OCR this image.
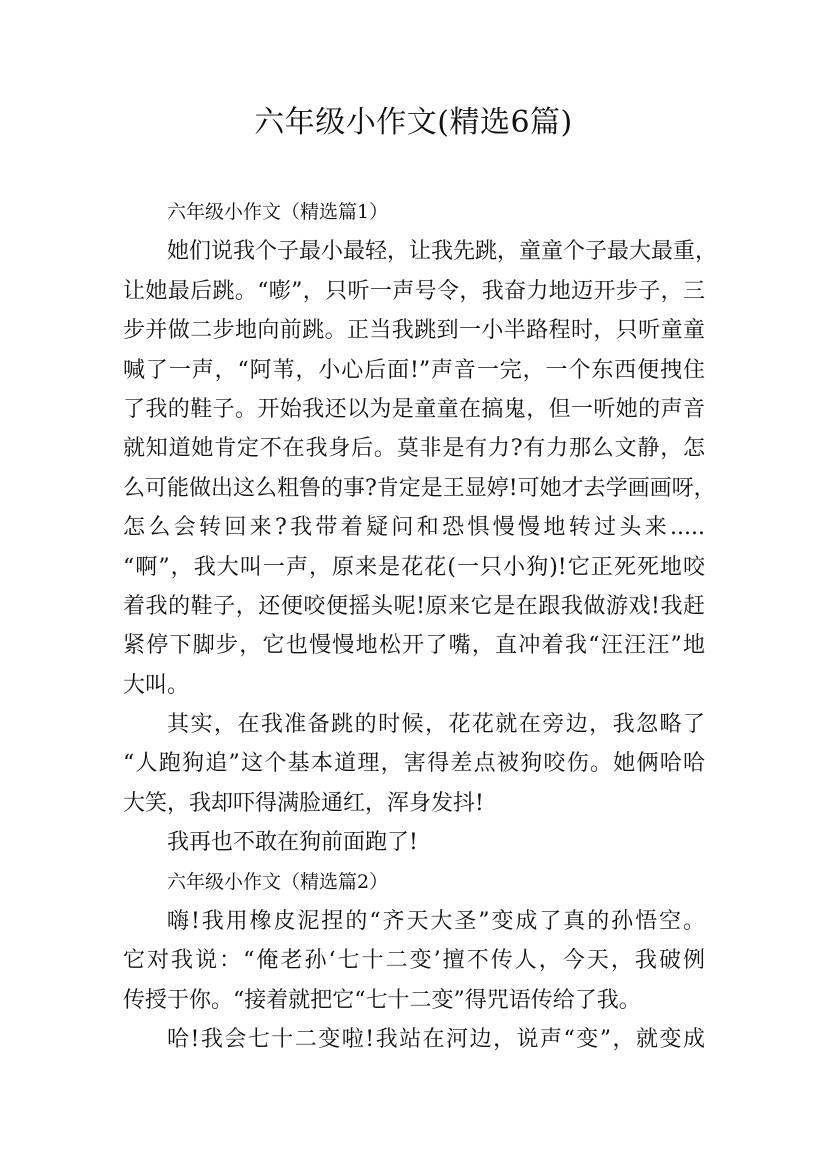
六年级小作文(精选6篇)
六年级小作文（精选篇1）
她们说我个子最小最轻，让我先跳，童童个子最大最重，
让她最后跳。“嘭”，只听一声号令，我奋力地迈开步子，三
步并做二步地向前跳。正当我跳到一小半路程时，只听童童
喊了一声，“阿苇，小心后面!”声音一完，一个东西便拽住
了我的鞋子。开始我还以为是童童在搞鬼，但一听她的声音
就知道她肯定不在我身后。莫非是有力?有力那么文静，怎
么可能做出这么粗鲁的事?肯定是王显婷!可她才去学画画呀，
怎么会转回来?我带着疑问和恐惧慢慢地转过头来.....
“啊”，我大叫一声，原来是花花(一只小狗)!它正死死地咬
着我的鞋子，还便咬便摇头呢!原来它是在跟我做游戏!我赶
紧停下脚步，它也慢慢地松开了嘴，直冲着我“汪汪汪”地
大叫。
其实，在我准备跳的时候，花花就在旁边，我忽略了
“人跑狗追”这个基本道理，害得差点被狗咬伤。她俩哈哈
大笑，我却吓得满脸通红，浑身发抖!
我再也不敢在狗前面跑了!
六年级小作文（精选篇2）
嗨!我用橡皮泥捏的“齐天大圣”变成了真的孙悟空。
它对我说：“俺老孙‘七十二变’擅不传人，今天，我破例
传授于你。“接着就把它“七十二变”得咒语传给了我。
哈!我会七十二变啦!我站在河边，说声“变”，就变成
